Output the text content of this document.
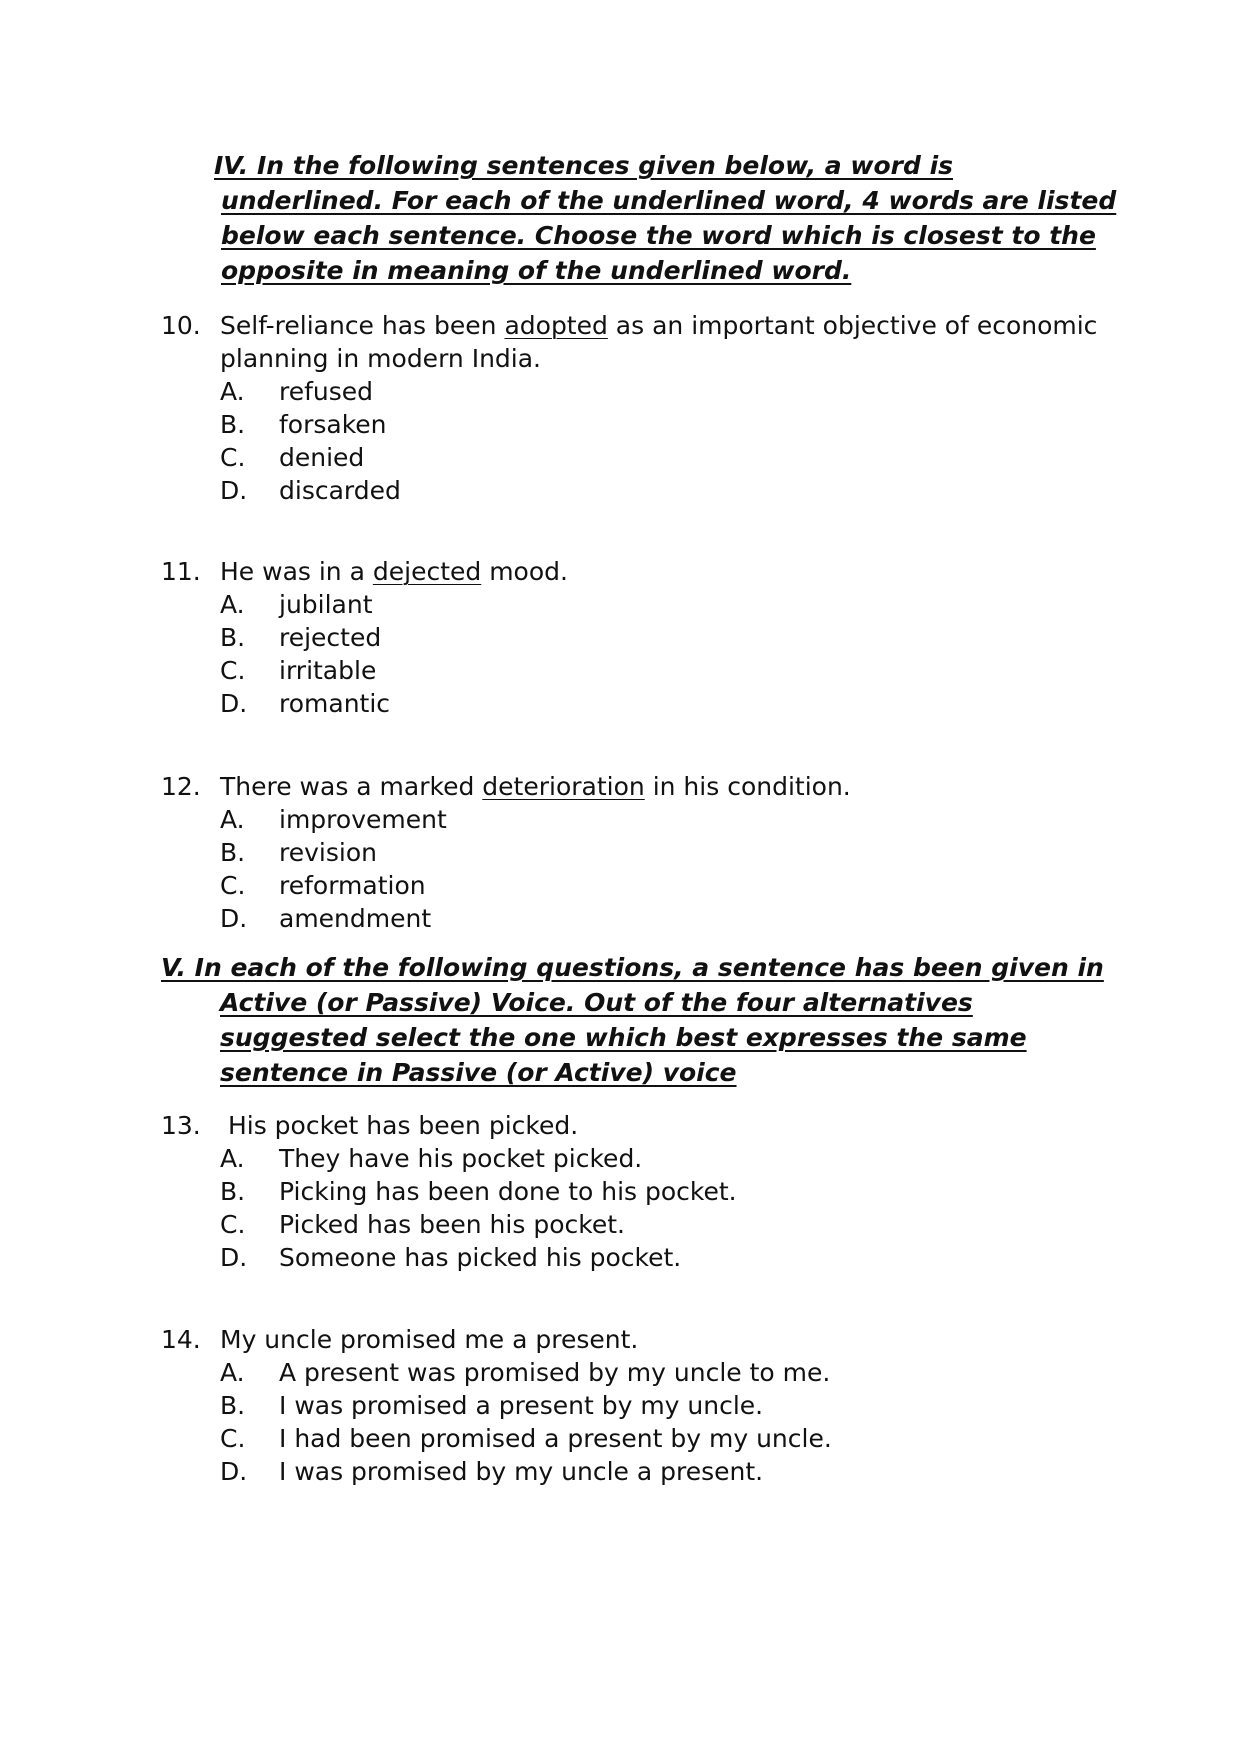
IV. In the following sentences given below, a word is
underlined. For each of the underlined word, 4 words are listed below each sentence. Choose the word which is closest to the opposite in meaning of the underlined word.
10. Self-reliance has been adopted as an important objective of economic planning in modern India.
A.	refused
B.	forsaken
C.	denied
D.	discarded
11. He was in a dejected mood.
A.	jubilant
B.	rejected
C.	irritable
D.	romantic
12. There was a marked deterioration in his condition.
A.	improvement
B.	revision
C.	reformation
D.	amendment
V. In each of the following questions, a sentence has been given in
Active (or Passive) Voice. Out of the four alternatives suggested select the one which best expresses the same sentence in Passive (or Active) voice
13. His pocket has been picked.
A.	They have his pocket picked.
B.	Picking has been done to his pocket.
C.	Picked has been his pocket.
D.	Someone has picked his pocket.
14. My uncle promised me a present.
A.	A present was promised by my uncle to me.
B.	I was promised a present by my uncle.
C.	I had been promised a present by my uncle.
D.	I was promised by my uncle a present.
